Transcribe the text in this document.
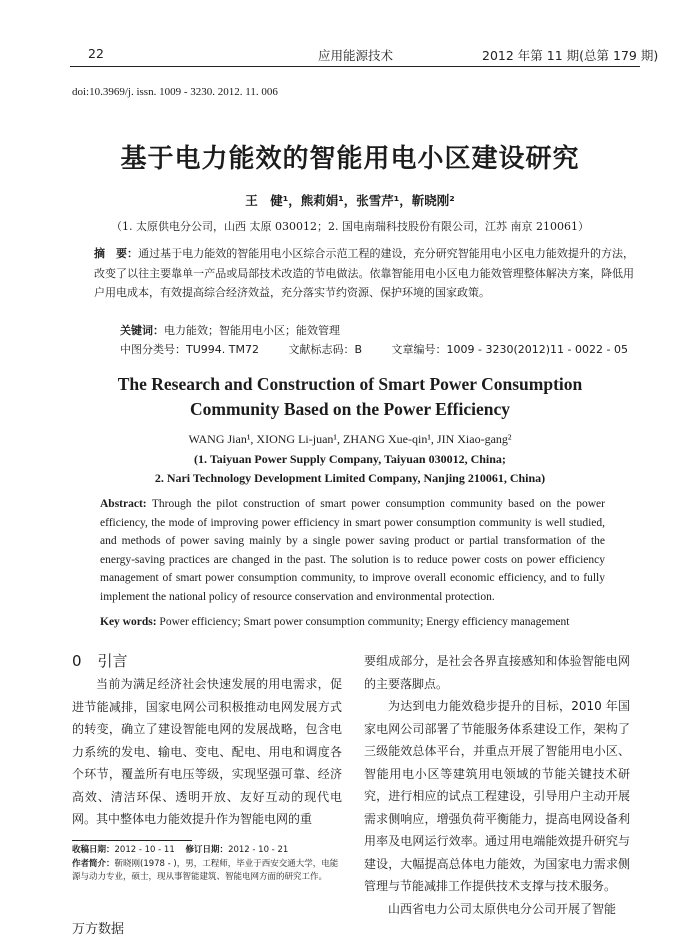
22	应用能源技术	2012 年第 11 期(总第 179 期)
doi:10.3969/j. issn. 1009 - 3230. 2012. 11. 006
基于电力能效的智能用电小区建设研究
王　健¹，熊莉娟¹，张雪芹¹，靳晓刚²
（1. 太原供电分公司，山西 太原 030012；2. 国电南瑞科技股份有限公司，江苏 南京 210061）
摘　要：通过基于电力能效的智能用电小区综合示范工程的建设，充分研究智能用电小区电力能效提升的方法，改变了以往主要靠单一产品或局部技术改造的节电做法。依靠智能用电小区电力能效管理整体解决方案，降低用户用电成本，有效提高综合经济效益，充分落实节约资源、保护环境的国家政策。
关键词：电力能效；智能用电小区；能效管理
中图分类号：TU994. TM72	文献标志码：B	文章编号：1009 - 3230(2012)11 - 0022 - 05
The Research and Construction of Smart Power Consumption
Community Based on the Power Efficiency
WANG Jian¹, XIONG Li-juan¹, ZHANG Xue-qin¹, JIN Xiao-gang²
(1. Taiyuan Power Supply Company, Taiyuan 030012, China;
2. Nari Technology Development Limited Company, Nanjing 210061, China)
Abstract: Through the pilot construction of smart power consumption community based on the power efficiency, the mode of improving power efficiency in smart power consumption community is well studied, and methods of power saving mainly by a single power saving product or partial transformation of the energy-saving practices are changed in the past. The solution is to reduce power costs on power efficiency management of smart power consumption community, to improve overall economic efficiency, and to fully implement the national policy of resource conservation and environmental protection.
Key words: Power efficiency; Smart power consumption community; Energy efficiency management
0 引言

当前为满足经济社会快速发展的用电需求，促进节能减排，国家电网公司积极推动电网发展方式的转变，确立了建设智能电网的发展战略，包含电力系统的发电、输电、变电、配电、用电和调度各个环节，覆盖所有电压等级，实现坚强可靠、经济高效、清洁环保、透明开放、友好互动的现代电网。其中整体电力能效提升作为智能电网的重

收稿日期：2012 - 10 - 11 修订日期：2012 - 10 - 21
作者简介：靳晓刚(1978 - )，男，工程师，毕业于西安交通大学，电能源与动力专业，硕士，现从事智能建筑、智能电网方面的研究工作。

要组成部分，是社会各界直接感知和体验智能电网的主要落脚点。

为达到电力能效稳步提升的目标，2010 年国家电网公司部署了节能服务体系建设工作，架构了三级能效总体平台，并重点开展了智能用电小区、智能用电小区等建筑用电领域的节能关键技术研究，进行相应的试点工程建设，引导用户主动开展需求侧响应，增强负荷平衡能力，提高电网设备利用率及电网运行效率。通过用电端能效提升研究与建设，大幅提高总体电力能效，为国家电力需求侧管理与节能减排工作提供技术支撑与技术服务。

山西省电力公司太原供电分公司开展了智能

万方数据
